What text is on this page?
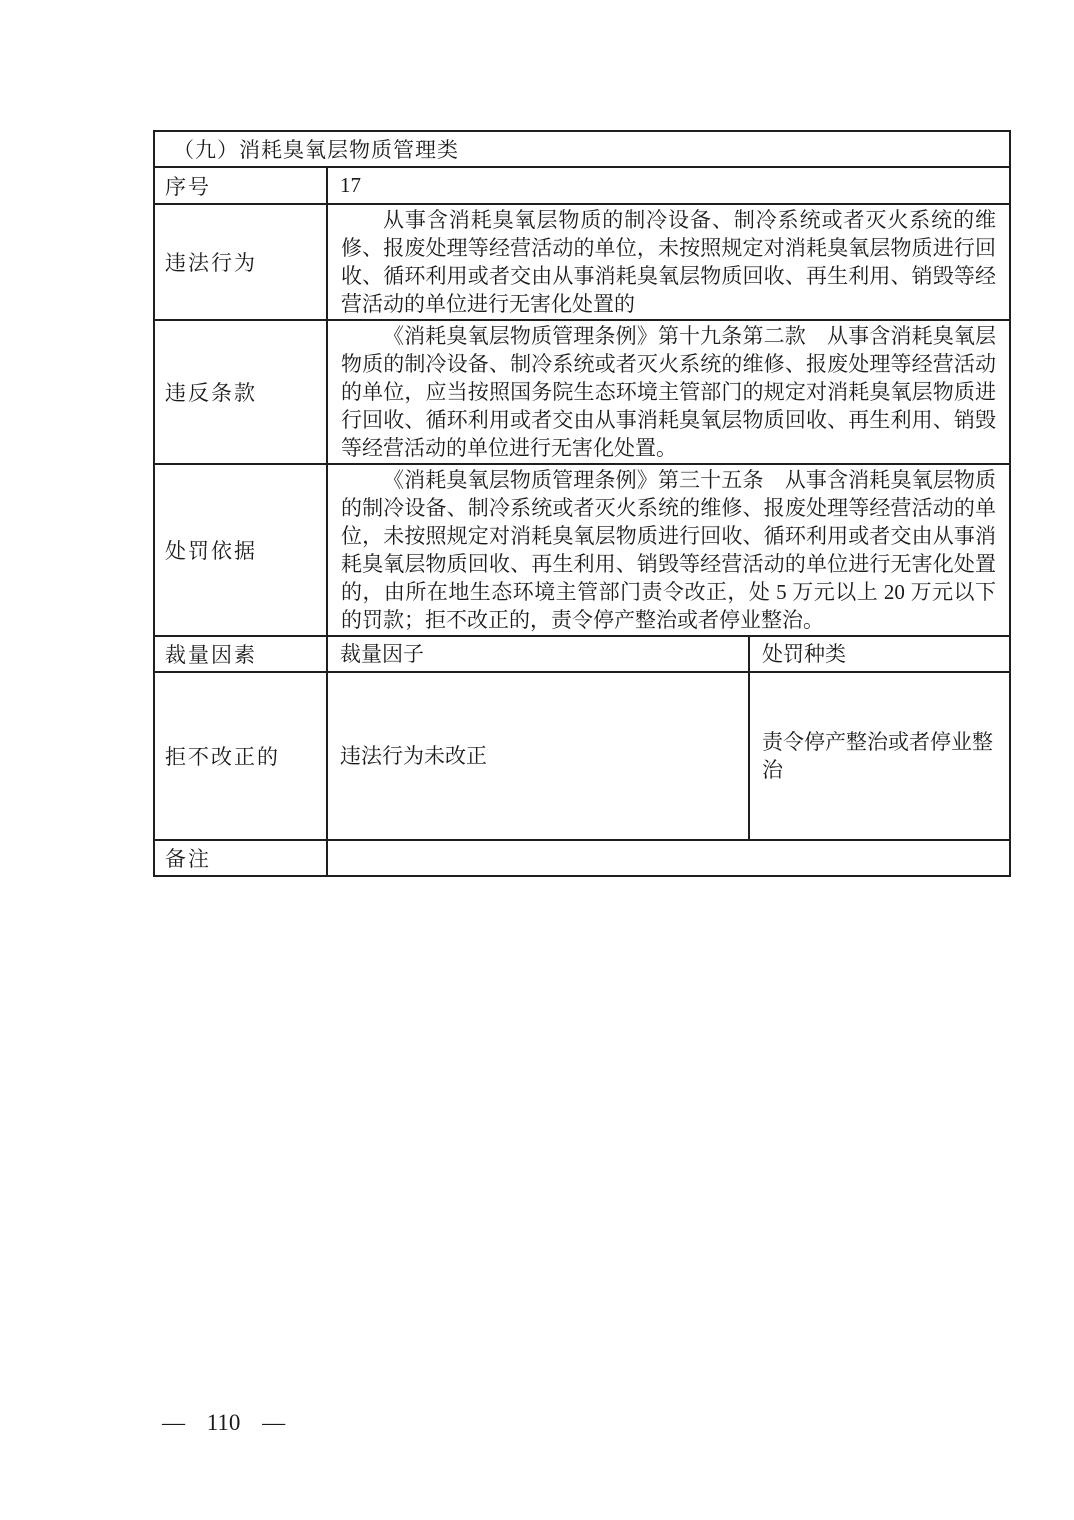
（九）消耗臭氧层物质管理类		
序号	17	
违法行为	从事含消耗臭氧层物质的制冷设备、制冷系统或者灭火系统的维修、报废处理等经营活动的单位，未按照规定对消耗臭氧层物质进行回收、循环利用或者交由从事消耗臭氧层物质回收、再生利用、销毁等经营活动的单位进行无害化处置的	

违反条款	《消耗臭氧层物质管理条例》第十九条第二款　从事含消耗臭氧层物质的制冷设备、制冷系统或者灭火系统的维修、报废处理等经营活动的单位，应当按照国务院生态环境主管部门的规定对消耗臭氧层物质进行回收、循环利用或者交由从事消耗臭氧层物质回收、再生利用、销毁等经营活动的单位进行无害化处置。	

处罚依据	《消耗臭氧层物质管理条例》第三十五条　从事含消耗臭氧层物质的制冷设备、制冷系统或者灭火系统的维修、报废处理等经营活动的单位，未按照规定对消耗臭氧层物质进行回收、循环利用或者交由从事消耗臭氧层物质回收、再生利用、销毁等经营活动的单位进行无害化处置的，由所在地生态环境主管部门责令改正，处 5 万元以上 20 万元以下的罚款；拒不改正的，责令停产整治或者停业整治。	

裁量因素	裁量因子	处罚种类
拒不改正的	违法行为未改正	责令停产整治或者停业整治
备注		
— 110 —
